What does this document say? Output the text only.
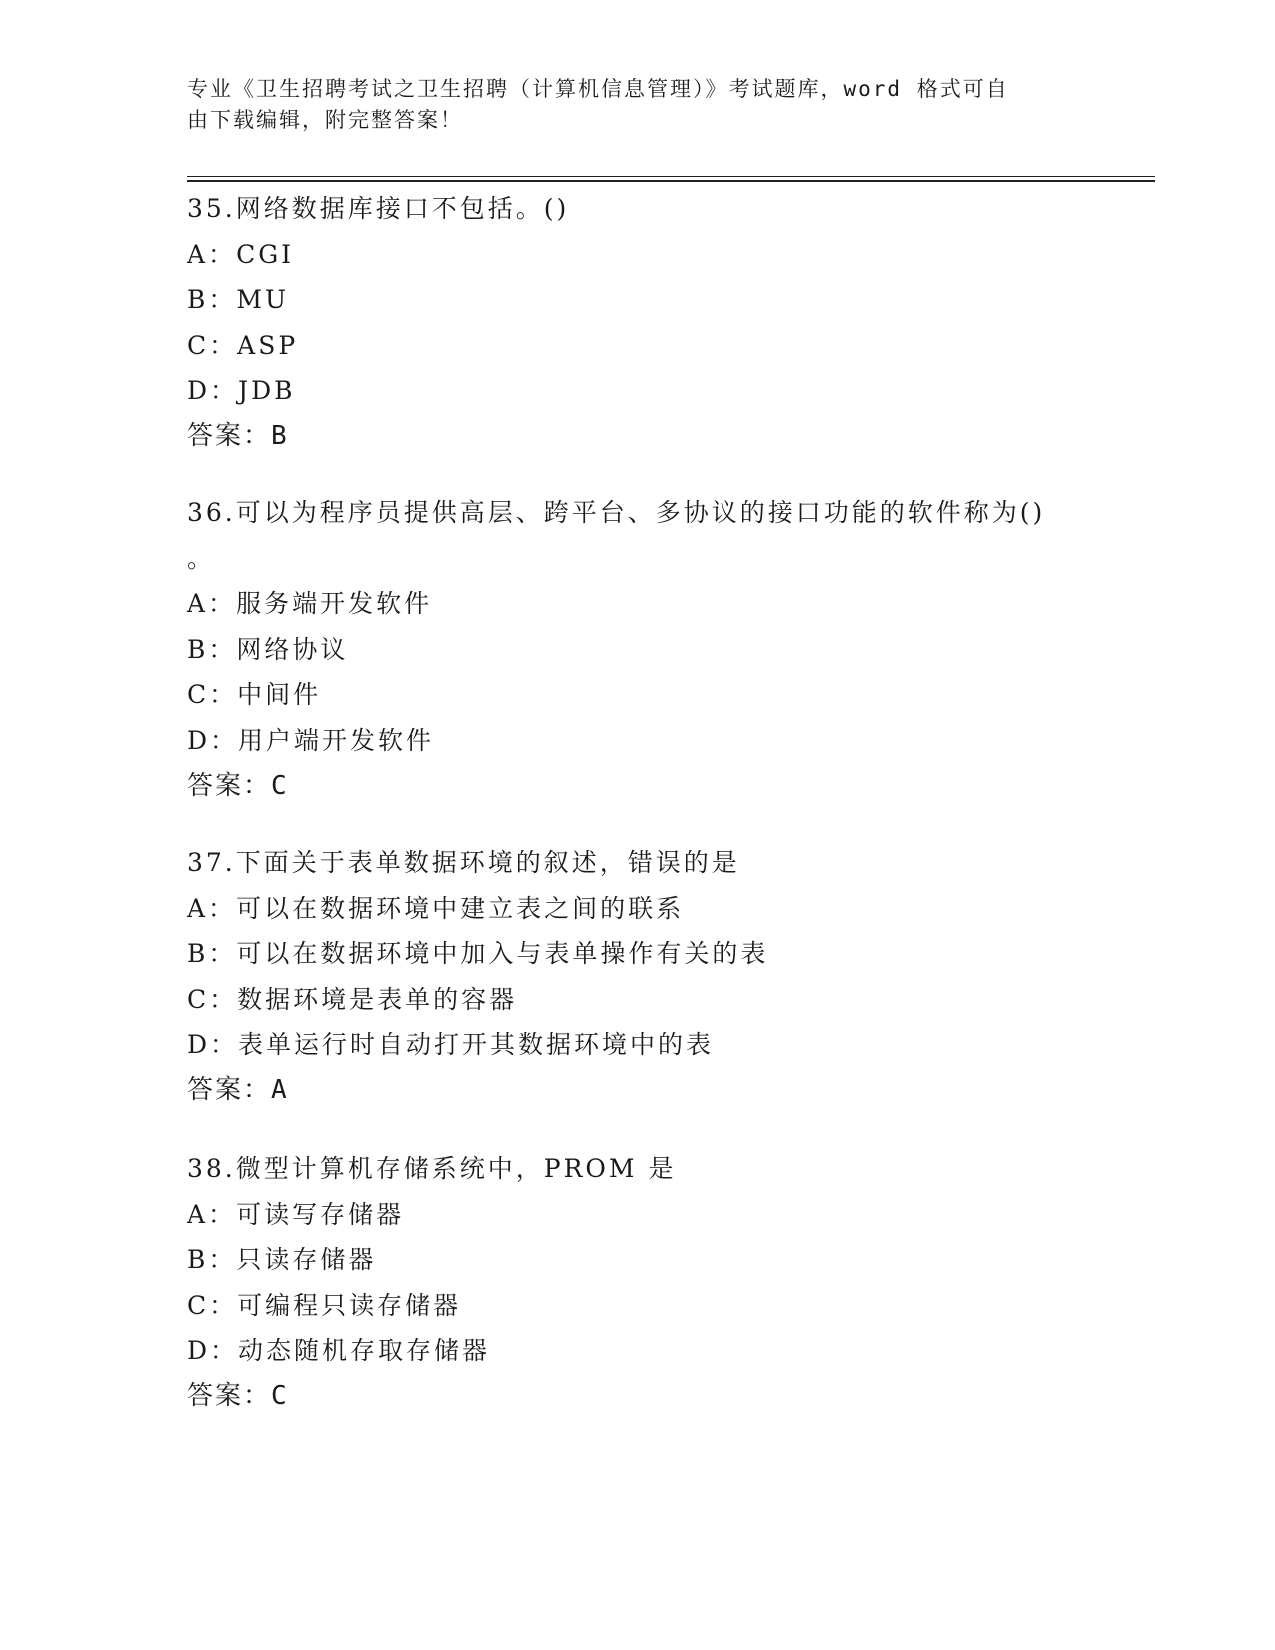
专业《卫生招聘考试之卫生招聘（计算机信息管理）》考试题库，word 格式可自
由下载编辑，附完整答案！
35.网络数据库接口不包括。()
A：CGI
B：MU
C：ASP
D：JDB
答案：B
36.可以为程序员提供高层、跨平台、多协议的接口功能的软件称为()
。
A：服务端开发软件
B：网络协议
C：中间件
D：用户端开发软件
答案：C
37.下面关于表单数据环境的叙述，错误的是
A：可以在数据环境中建立表之间的联系
B：可以在数据环境中加入与表单操作有关的表
C：数据环境是表单的容器
D：表单运行时自动打开其数据环境中的表
答案：A
38.微型计算机存储系统中，PROM 是
A：可读写存储器
B：只读存储器
C：可编程只读存储器
D：动态随机存取存储器
答案：C
